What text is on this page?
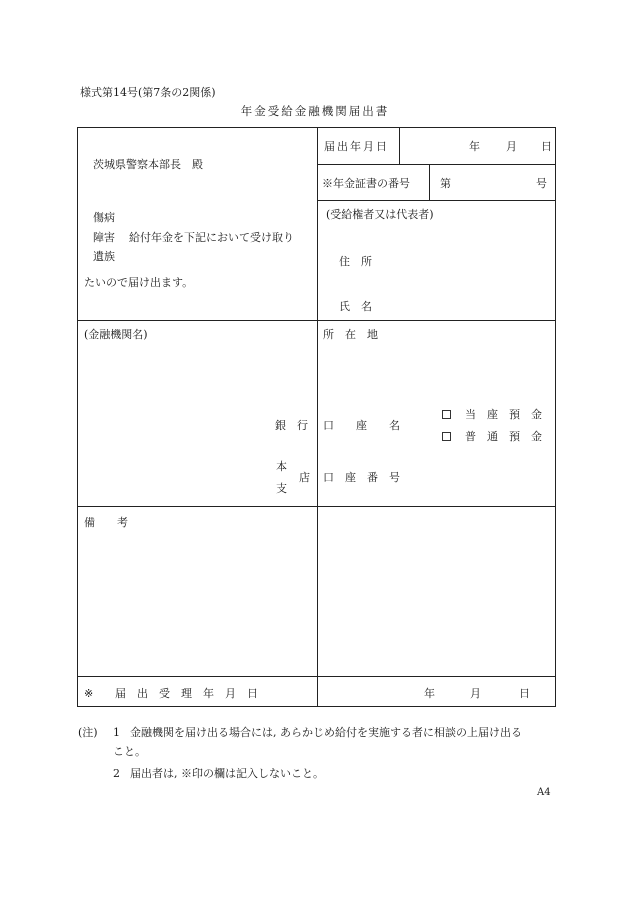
様式第14号(第7条の2関係)
年金受給金融機関届出書
茨城県警察本部長　殿
傷病
障害 給付年金を下記において受け取り
遺族
たいので届け出ます。
届出年月日	年 月 日
※年金証書の番号	第	号
(受給権者又は代表者)
住　所
氏　名
(金融機関名)
銀　行
本
店
支
所　在　地
口　　座　　名
口　座　番　号
当　座　預　金
普　通　預　金
備　　考
※ 届　出　受　理　年　月　日	年	月	日
(注) 1 金融機関を届け出る場合には, あらかじめ給付を実施する者に相談の上届け出る
こと。
2 届出者は, ※印の欄は記入しないこと。
A4
